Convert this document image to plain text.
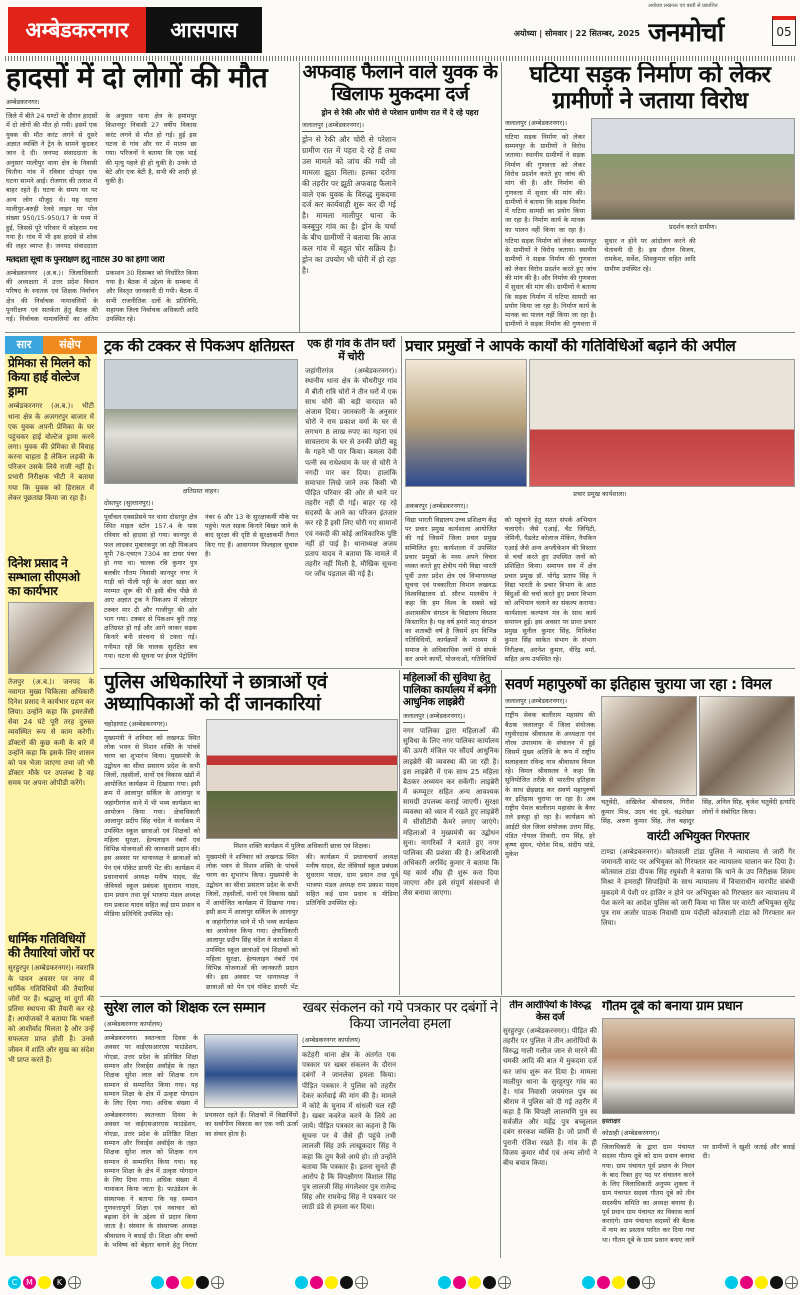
अम्बेडकरनगर	आसपास	अयोध्या | सोमवार | 22 सितम्बर, 2025
अयोध्या लखनऊ एवं बस्ती से प्रकाशित
जनमोर्चा	05
हादसों में दो लोगों की मौत
अम्बेडकरनगर।
जिले में बीते 24 घण्टों के दौरान हादसों में दो लोगों की मौत हो गयी। इसमें एक युवक की मौत करंट लगने से दूसरे अज्ञात व्यक्ति ने ट्रेन के सामने कूदकर जान दे दी। जनपद संवाददाता के अनुसार मालीपुर थाना क्षेत्र के निवासी चितौना गांव में रविवार दोपहर एक घटना सामने आई। रोजगार की तलाश में बाहर रहते हैं। घटना के समय घर पर अन्य लोग मौजूद थे। यह घटना मालीपुर-बरुही रेलवे लाइन पर पोल संख्या 950/15-950/17 के मध्य में हुई, जिससे पूरे परिवार में कोहराम मच गया है। गांव में भी इस हादसे से शोक की लहर व्याप्त है। जनपद संवाददाता के अनुसार थाना क्षेत्र के इमामपुर किशनपुर निवासी 27 वर्षीय विकास करंट लगने से मौत हो गई। हुई इस घटना से गांव और घर में मातम छा गया। परिजनों ने बताया कि एक भाई की मृत्यु पहले ही हो चुकी है। उनके दो बेटे और एक बेटी है, सभी की शादी हो चुकी है।
मतदाता सूची के पुनरीक्षण हेतु नोटिस 30 को होगी जारी
अम्बेडकरनगर (अ.ब.)। जिलाधिकारी की अध्यक्षता में उत्तर प्रदेश विधान परिषद के स्नातक एवं शिक्षक निर्वाचन क्षेत्र की निर्वाचक नामावलियों के पुनरीक्षण एवं सतर्कता हेतु बैठक की गई। निर्वाचक नामावलियों का अंतिम प्रकाशन 30 दिसम्बर को निर्धारित किया गया है। बैठक में उद्देश्य के सम्बन्ध में और विस्तृत जानकारी दी गयी। बैठक में सभी राजनीतिक दलों के प्रतिनिधि, सहायक जिला निर्वाचक अधिकारी आदि उपस्थित रहे।
अफवाह फैलाने वाले युवक के खिलाफ मुकदमा दर्ज
ड्रोन से रेकी और चोरी से परेशान ग्रामीण रात में दे रहे पहरा
जलालपुर (अम्बेडकरनगर)।
ड्रोन से रेकी और चोरी से परेशान ग्रामीण रात में पहरा दे रहे हैं तथा उस मामले को जांच की गयी तो मामला झूठा मिला। हल्का दरोगा की तहरीर पर झूठी अफवाह फैलाने वाले एक युवक के विरुद्ध मुकदमा दर्ज कर कार्यवाही शुरू कर दी गई है। मामला मालीपुर थाना के कस्बूपुर गांव का है। ड्रोन के चर्चा के बीच ग्रामीणों ने बताया कि आज कल गांव में बहुत चोर सक्रिय है। ड्रोन का उपयोग भी चोरी में हो रहा है।
घटिया सड़क निर्माण को लेकर ग्रामीणों ने जताया विरोध
जलालपुर (अम्बेडकरनगर)।
घटिया सड़क निर्माण को लेकर सम्मनपुर के ग्रामीणों ने विरोध जताया। स्थानीय ग्रामीणों ने सड़क निर्माण की गुणवत्ता को लेकर विरोध प्रदर्शन करते हुए जांच की मांग की है। और निर्माण की गुणवत्ता में सुधार की मांग की। ग्रामीणों ने बताया कि सड़क निर्माण में घटिया सामग्री का प्रयोग किया जा रहा है। निर्माण कार्य के मानक का पालन नहीं किया जा रहा है।	प्रदर्शन करते ग्रामीण।
घटिया सड़क निर्माण को लेकर सम्मनपुर के ग्रामीणों ने विरोध जताया। स्थानीय ग्रामीणों ने सड़क निर्माण की गुणवत्ता को लेकर विरोध प्रदर्शन करते हुए जांच की मांग की है। और निर्माण की गुणवत्ता में सुधार की मांग की। ग्रामीणों ने बताया कि सड़क निर्माण में घटिया सामग्री का प्रयोग किया जा रहा है। निर्माण कार्य के मानक का पालन नहीं किया जा रहा है। ग्रामीणों ने सड़क निर्माण की गुणवत्ता में सुधार न होने पर आंदोलन करने की चेतावनी दी है। इस दौरान विजय, रामकेश, सर्वेश, शिवकुमार सहित आदि ग्रामीण उपस्थित रहे।
सार	संक्षेप
प्रेमिका से मिलने को किया हाई वोल्टेज ड्रामा
अम्बेडकरनगर (अ.ब.)। भीटी थाना क्षेत्र के अजगरपुर बाजार में एक युवक अपनी प्रेमिका के घर पहुंचकर हाई वोल्टेज ड्रामा करने लगा। युवक की प्रेमिका से विवाह करना चाहता है लेकिन लड़की के परिजन उसके लिये राजी नहीं है। प्रभारी निरीक्षक भीटी ने बताया गया कि युवक को हिरासत में लेकर पूछताछ किया जा रहा है।
दिनेश प्रसाद ने सम्भाला सीएमओ का कार्यभार
तेजपुर (अ.ब.)। जनपद के नवागत मुख्य चिकित्सा अधिकारी दिनेश प्रसाद ने कार्यभार ग्रहण कर लिया। उन्होंने कहा कि इमरजेंसी सेवा 24 घंटे पूरी तरह दुरुस्त व्यवस्थित रूप से काम करेगी। डॉक्टरों की कुछ कमी के बारे में उन्होंने कहा कि इसके लिए शासन को पत्र भेजा जाएगा तथा जो भी डॉक्टर मौके पर उपलब्ध है वह समय पर अपना ओपीडी करेंगे।
धार्मिक गतिविधियों की तैयारियां जोरों पर
सुरहुरपुर (अम्बेडकरनगर)। नवरात्रि के पावन अवसर पर नगर में धार्मिक गतिविधियों की तैयारियां जोरों पर हैं। श्रद्धालु मां दुर्गा की प्रतिमा स्थापना की तैयारी कर रहे हैं। आयोजकों ने बताया कि भक्तों को आशीर्वाद मिलता है और उन्हें सफलता प्राप्त होती है। उनसे जीवन में शांति और सुख का संदेश भी प्राप्त करते हैं।
ट्रक की टक्कर से पिकअप क्षतिग्रस्त
क्षतिग्रस्त वाहन।
दोस्तपुर (सुल्तानपुर)।
पूर्वांचल एक्सप्रेसवे पर थाना दोस्तपुर क्षेत्र स्थित माइल स्टोन 157.4 के पास रविवार को हादसा हो गया। कानपुर से फल लादकर मुबारकपुर जा रही पिकअप यूपी 78-एचएन 7304 का टायर पंचर हो गया था। चालक रवि कुमार पुत्र बलबीर गौतम निवासी कानपुर नगर ने गाड़ी को पीली पट्टी के अंदर खड़ा कर मरम्मत शुरू की थी इसी बीच पीछे से आए अज्ञात ट्रक ने पिकअप में जोरदार टक्कर मार दी और गाजीपुर की ओर भाग गया। टक्कर से पिकअप बुरी तरह क्षतिग्रस्त हो गई और आगे जाकर सड़क किनारे बनी संरचना से टकरा गई। गनीमत रही कि चालक सुरक्षित बच गया। घटना की सूचना पर ईगल पेट्रोलिंग नंबर 6 और 13 के सुरक्षाकर्मी मौके पर पहुंचे। फल सड़क किनारे बिखर जाने के बाद सुरक्षा की दृष्टि से सुरक्षाकर्मी तैनात किए गए हैं। आवागमन फिलहाल सुचारु है।
एक ही गांव के तीन घरों में चोरी
जहांगीरगंज (अम्बेडकरनगर)। स्थानीय थाना क्षेत्र के चौधरीपुर गांव में बीती रात्रि चोरों ने तीन घरों में एक साथ चोरी की बड़ी वारदात को अंजाम दिया। जानकारी के अनुसार चोरों ने राम प्रकाश वर्मा के घर से लगभग 8 लाख रुपए का गहना एवं सावलराम के घर से उनकी छोटी बहू के गहने भी पार किया। कमला देवी पत्नी स्व राधेश्याम के घर से चोरी ने नगदी पार कर दिया। हालांकि समाचार लिखे जाने तक किसी भी पीड़ित परिवार की ओर से थाने पर तहरीर नहीं दी गई। बाहर रह रहे सदस्यों के आने का परिजन इंतजार कर रहे हैं इसी लिए चोरी गए सामानों एवं नकदी की कोई आधिकारिक पुष्टि नहीं हो पाई है। थानाध्यक्ष अजय प्रताप यादव ने बताया कि मामले में तहरीर नहीं मिली है, मौखिक सूचना पर जाँच पड़ताल की गई है।
प्रचार प्रमुखों ने आपके कार्यों की गतिविधिओं बढ़ाने की अपील
प्रचार प्रमुख कार्यशाला।
अकबरपुर (अम्बेडकरनगर)।
विद्या भारती विद्यालय उच्च प्रशिक्षण केंद्र पर प्रचार प्रमुख कार्यशाला आयोजित की गई जिसमें जिला प्रचार प्रमुख सम्मिलित हुए। कार्यशाला में उपस्थित प्रचार प्रमुखों के मध्य अपने विचार व्यक्त करते हुए क्षेत्रीय मंत्री विद्या भारती पूर्वी उत्तर प्रदेश क्षेत्र एवं विभागाध्यक्ष सूचना एवं पत्रकारिता विभाग लखनऊ विश्वविद्यालय डॉ. सौरभ मालवीय ने कहा कि हम विश्व के सबसे बड़े अशासकीय संगठन के विद्यालय विस्तार किस्तारित है। यह वर्ष हमारे मातृ संगठन का शताब्दी वर्ष है जिसमें हम विभिन्न गतिविधियों, कार्यक्रमों के माध्यम से समाज के अधिकाधिक जनों से संपर्क कर अपने कार्यों, योजनाओं, गतिविधियों को पहुंचाने हेतु सतत संपर्क अभियान चलाएंगे। जैसे एआई, चैट जिपिटी, जेमिनी, पैडलेट कोलाज मेकिंग, नैपकिन एआई जैसे अन्य अप्लीकेशन की विस्तार से चर्चा करते हुए उपस्थित जनों को प्रशिक्षित किया। समापन सत्र में क्षेत्र प्रचार प्रमुख डॉ. योगेंद्र प्रताप सिंह ने विद्या भारती के प्रचार विभाग के आठ बिंदुओं की चर्चा करते हुए प्रचार विभाग को अभियान चलाने का संकल्प कराया। कार्यशाला कल्याण मंत्र के साथ कार्य समापन हुई। इस अवसर पर प्रान्त प्रचार प्रमुख सुनील कुमार सिंह, मिथिलेश कुमार सिंह साकेत संभाग के संभाग निरीक्षक, अरनेश कुमार, वीरेंद्र वर्मा, सहित अन्य उपस्थित रहे।
पुलिस अधिकारियों ने छात्राओं एवं अध्यापिकाओं को दीं जानकारियां
चहोड़ाघाट (अम्बेडकरनगर)।
मुख्यमंत्री ने शनिवार को लखनऊ स्थित लोक भवन से मिशन शक्ति के पांचवें चरण का शुभारंभ किया। मुख्यमंत्री के उद्बोधन का सीधा प्रसारण प्रदेश के सभी जिलों, तहसीलों, थानों एवं विकास खंडों में आयोजित कार्यक्रम में दिखाया गया। इसी क्रम में आलापुर सर्किल के आलापुर व जहांगीरगंज थाने में भी भव्य कार्यक्रम का आयोजन किया गया। क्षेत्राधिकारी आलापुर प्रदीप सिंह चंदेल ने कार्यक्रम में उपस्थित स्कूल छात्राओं एवं शिक्षकों को महिला सुरक्षा, हेल्पलाइन नंबरों एवं विभिन्न योजनाओं की जानकारी प्रदान की। इस अवसर पर थानाध्यक्ष ने छात्राओं को पेन एवं पॉकेट डायरी भेंट की। कार्यक्रम में प्रधानाचार्य अध्यक्ष मनीष यादव, सेंट जेवियर्स स्कूल प्रबंधक सुधाराम यादव, ग्राम प्रधान तथा पूर्व भाजपा मंडल अध्यक्ष राम प्रकाश यादव सहित कई ग्राम प्रधान व मीडिया प्रतिनिधि उपस्थित रहे।
मिशन शक्ति कार्यक्रम में पुलिस अधिकारी छात्रा एवं शिक्षक।
मुख्यमंत्री ने शनिवार को लखनऊ स्थित लोक भवन से मिशन शक्ति के पांचवें चरण का शुभारंभ किया। मुख्यमंत्री के उद्बोधन का सीधा प्रसारण प्रदेश के सभी जिलों, तहसीलों, थानों एवं विकास खंडों में आयोजित कार्यक्रम में दिखाया गया। इसी क्रम में आलापुर सर्किल के आलापुर व जहांगीरगंज थाने में भी भव्य कार्यक्रम का आयोजन किया गया। क्षेत्राधिकारी आलापुर प्रदीप सिंह चंदेल ने कार्यक्रम में उपस्थित स्कूल छात्राओं एवं शिक्षकों को महिला सुरक्षा, हेल्पलाइन नंबरों एवं विभिन्न योजनाओं की जानकारी प्रदान की। इस अवसर पर थानाध्यक्ष ने छात्राओं को पेन एवं पॉकेट डायरी भेंट की। कार्यक्रम में प्रधानाचार्य अध्यक्ष मनीष यादव, सेंट जेवियर्स स्कूल प्रबंधक सुधाराम यादव, ग्राम प्रधान तथा पूर्व भाजपा मंडल अध्यक्ष राम प्रकाश यादव सहित कई ग्राम प्रधान व मीडिया प्रतिनिधि उपस्थित रहे।
महिलाओं की सुविधा हेतु पालिका कार्यालय में बनेगी आधुनिक लाइब्रेरी
जलालपुर (अम्बेडकरनगर)।
नगर पालिका द्वारा महिलाओं की सुविधा के लिए नगर पालिका कार्यालय की ऊपरी मंजिल पर सौंदर्य आधुनिक लाइब्रेरी की व्यवस्था की जा रही है। इस लाइब्रेरी में एक साथ 25 महिला बैठकर अध्ययन कर सकेंगी। लाइब्रेरी में कम्प्यूटर सहित अन्य आवश्यक सामग्री उपलब्ध कराई जाएगी। सुरक्षा व्यवस्था को ध्यान में रखते हुए लाइब्रेरी में सीसीटीवी कैमरे लगाए जाएंगे। महिलाओं ने मुख्यमंत्री का उद्बोधन सुना। नागरिकों ने बताते हुए नगर पालिका की प्रशंसा की है। अधिशासी अधिकारी अरविंद कुमार ने बताया कि यह कार्य शीघ्र ही शुरू करा दिया जाएगा और इसे संपूर्ण संसाधनों से लैस बनाया जाएगा।
सवर्ण महापुरुषों का इतिहास चुराया जा रहा : विमल
जलालपुर (अम्बेडकरनगर)।
राष्ट्रीय सेवक बालीराम महासंघ की बैठक जलालपुर में जिला संयोजक रघुवीरदास श्रीवास्तव के अध्यक्षता एवं गौरव उपाध्याय के संचालन में हुई जिसमें मुख्य अतिथि के रूप में राष्ट्रीय सलाहकार रविन्द्र नाथ श्रीवास्तव विमल रहे। विमल श्रीवास्तव ने कहा कि सुनियोजित तरीके से भारतीय इतिहास के साथ छेड़छाड़ कर सवर्ण महापुरुषों का इतिहास चुराया जा रहा है। अब राष्ट्रीय पेमल बालीराम महासंघ के बैनर तले इकट्ठा हो रहा है। कार्यक्रम को आईटी सेल जिला संयोजक उत्तम सिंह, पंडित गोपाल तिवारी, राम सिंह, हरे कृष्ण सुमन, योगेश मिश्र, संदीप पांडे, मुकेश
चतुर्वेदी, अखिलेश श्रीवास्तव, गिरीश कुमार मिश्र, उदय चंद दुबे, चंद्रशेखर सिंह, अरुण कुमार सिंह, तेज बहादुर सिंह, अनिल सिंह, बृजेश चतुर्वेदी इत्यादि लोगों ने संबोधित किया।
वारंटी अभियुक्त गिरफ्तार
टाण्डा (अम्बेडकरनगर)। कोतवाली टांडा पुलिस ने न्यायालय से जारी गैर जमानती वारंट पर अभियुक्त को गिरफ्तार कर न्यायालय चालान कर दिया है। कोतवाल टांडा दीपक सिंह रघुवंशी ने बताया कि थाने के उप निरीक्षक शिवम मिश्रा ने हमराही सिपाहियों के साथ न्यायालय में विचाराधीन मारपीट संबंधी मुकदमे में पेशी पर हाजिर न होने पर अभियुक्त को गिरफ्तार कर न्यायालय में पेश करने का आदेश पुलिस को जारी किया था जिस पर वारंटी अभियुक्त सुरेंद्र पुत्र राम अजोर पाठक निवासी ग्राम पंदौली कोतवाली टांडा को गिरफ्तार कर लिया।
सुरेश लाल को शिक्षक रत्न सम्मान
(अम्बेडकरनगर कार्यालय)
अम्बेडकरनगर। स्वतन्त्रता दिवस के अवसर पर वाईएसआरएस फाउंडेशन, नोएडा, उत्तर प्रदेश के प्रतिष्ठित शिक्षा सम्मान और रिवार्ड्स अवॉर्ड्स के तहत शिक्षक सुरेश लाल को शिक्षक रत्न सम्मान से सम्मानित किया गया। यह सम्मान शिक्षा के क्षेत्र में उत्कृष्ट योगदान के लिए दिया गया। अधिक संख्या में
अम्बेडकरनगर। स्वतन्त्रता दिवस के अवसर पर वाईएसआरएस फाउंडेशन, नोएडा, उत्तर प्रदेश के प्रतिष्ठित शिक्षा सम्मान और रिवार्ड्स अवॉर्ड्स के तहत शिक्षक सुरेश लाल को शिक्षक रत्न सम्मान से सम्मानित किया गया। यह सम्मान शिक्षा के क्षेत्र में उत्कृष्ट योगदान के लिए दिया गया। अधिक संख्या में नामांकन किया जाता है। फाउंडेशन के संस्थापक ने बताया कि यह सम्मान गुणवत्तापूर्ण शिक्षा एवं नवाचार को बढ़ावा देने के उद्देश्य से प्रदान किया जाता है। संस्थान के संस्थापक अध्यक्ष श्रीवास्तव ने बधाई दी। शिक्षा और बच्चों के भविष्य को बेहतर बनाने हेतु निरंतर प्रयासरत रहते हैं। शिक्षकों में विद्यार्थियों का सर्वांगीण विकास कर एक नयी ऊर्जा का संचार होता है।
खबर संकलन को गये पत्रकार पर दबंगों ने किया जानलेवा हमला
(अम्बेडकरनगर कार्यालय)
कटेहरी थाना क्षेत्र के अंतर्गत एक पत्रकार पर खबर संकलन के दौरान दबंगों ने जानलेवा हमला किया। पीड़ित पत्रकार ने पुलिस को तहरीर देकर कार्रवाई की मांग की है। मामले में कोटे के चुनाव में धांधली चल रही है। खबर कवरेज करने के लिये आ जाये। पीड़ित पत्रकार का कहना है कि सूचना पर वे जैसे ही पहुंचे तभी लालजी सिंह उर्फ लाखूकदार सिंह ने कहा कि तुम कैसे आये हो। तो उन्होंने बताया कि पत्रकार है। इतना सुनते ही आरोप है कि विपक्षीगण विशाल सिंह पुत्र लालजी सिंह मंगलेश्वर पुत्र राजेन्द्र सिंह और राघवेन्द्र सिंह ने पत्रकार पर लाठी डंडे से हमला कर दिया।
तीन आरोपियों के विरुद्ध केस दर्ज
सुरहुरपुर (अम्बेडकरनगर)। पीड़ित की तहरीर पर पुलिस ने तीन आरोपियों के विरुद्ध गाली गलौज जान से मारने की धमकी आदि की बात में मुकदमा दर्ज कर जांच शुरू कर दिया है। मामला मालीपुर थाना के सुरहुरपुर गांव का है। गांव निवासी जयमंगल पुत्र स्व श्रीराम ने पुलिस को दी गई तहरीर में कहा है कि विपक्षी लालमणि पुत्र स्व सर्वजीत और महेंद्र पुत्र बच्चूलाल दबंग सरकश व्यक्ति है। जो प्रार्थी से पुरानी रंजिश रखते हैं। गांव के ही विजय कुमार मौर्य एवं अन्य लोगों ने बीच बचाव किया।
गौतम दूबे को बनाया ग्राम प्रधान
हस्ताक्षर
कोठाही (अम्बेडकरनगर)।
जिलाधिकारी के द्वारा ग्राम पंचायत सदस्य गौतम दूबे को ग्राम प्रधान बनाया गया। ग्राम पंचायत पूर्व प्रधान के निधन के बाद रिक्त हुए पद पर संचालन करने के लिए जिलाधिकारी अनुपम शुक्ला ने ग्राम पंचायत सदस्य गौतम दूबे को तीन सदस्यीय समिति का अध्यक्ष बनाया है। पूर्व प्रधान ग्राम पंचायत का विकास कार्य कराएंगे। ग्राम पंचायत सदस्यों की बैठक में नाम का प्रस्ताव पारित कर दिया गया था। गौतम दूबे के ग्राम प्रधान बनाए जाने पर ग्रामीणों ने खुशी जताई और बधाई दी।
C M Y K
